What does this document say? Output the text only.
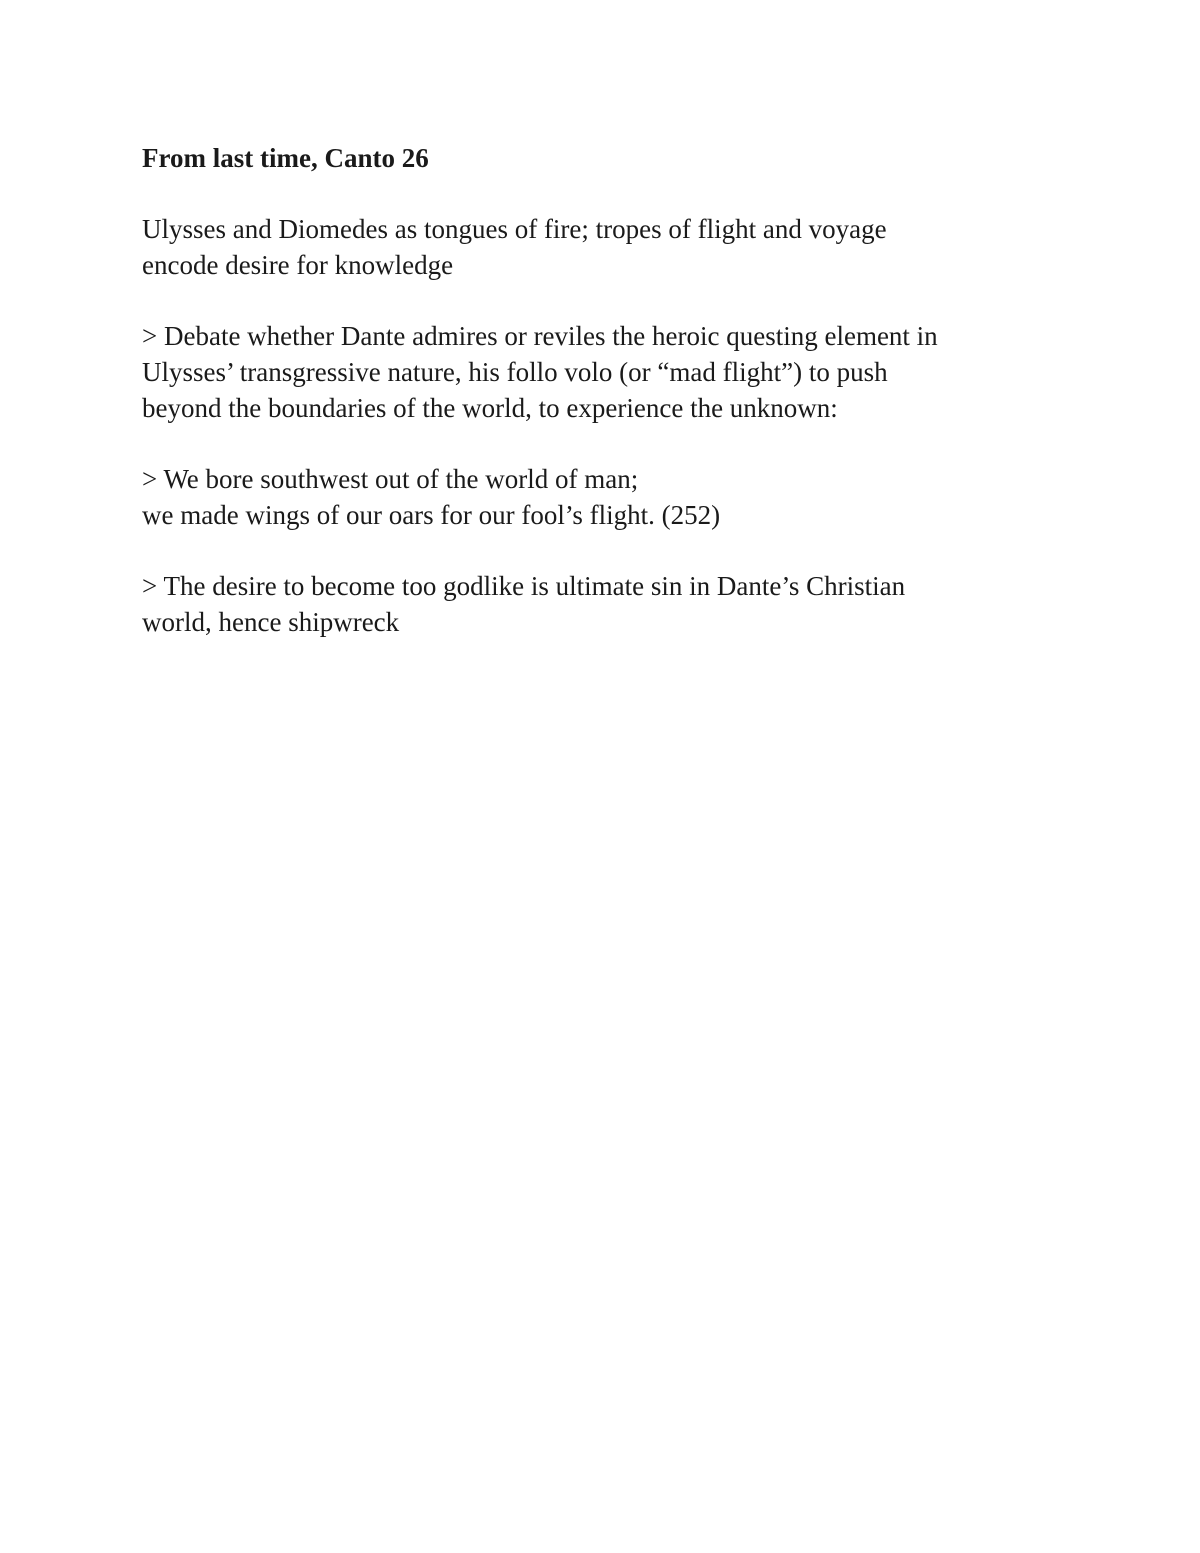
From last time, Canto 26

Ulysses and Diomedes as tongues of fire; tropes of flight and voyage
encode desire for knowledge

> Debate whether Dante admires or reviles the heroic questing element in
Ulysses’ transgressive nature, his follo volo (or “mad flight”) to push
beyond the boundaries of the world, to experience the unknown:

> We bore southwest out of the world of man;
we made wings of our oars for our fool’s flight. (252)

> The desire to become too godlike is ultimate sin in Dante’s Christian
world, hence shipwreck
